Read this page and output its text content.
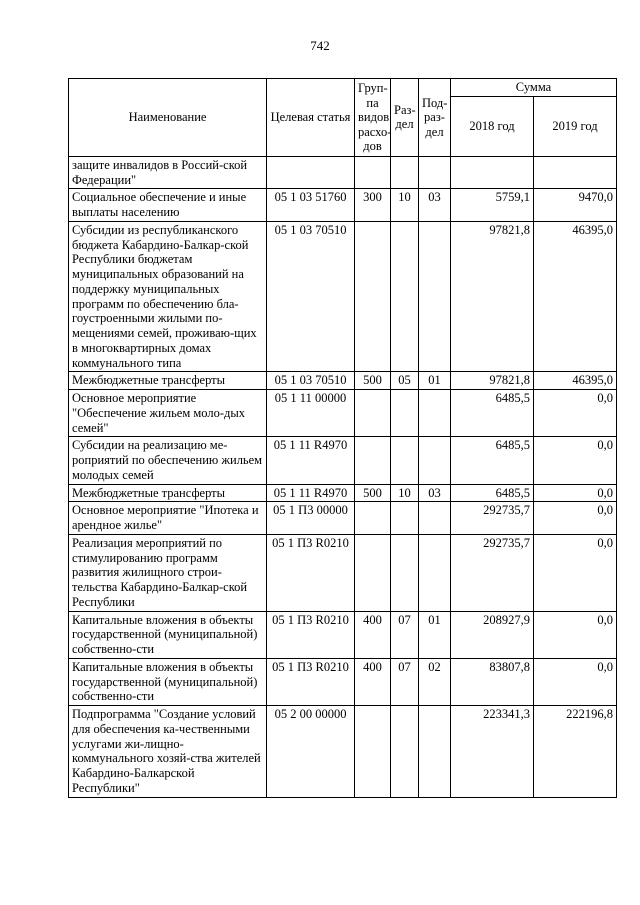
742
Наименование	Целевая статья	Груп-па видов расхо-дов	Раз-дел	Под-раз-дел	Сумма	
					2018 год	2019 год
защите инвалидов в Россий-ской Федерации"						
Социальное обеспечение и иные выплаты населению	05 1 03 51760	300	10	03	5759,1	9470,0
Субсидии из республиканского бюджета Кабардино-Балкар-ской Республики бюджетам муниципальных образований на поддержку муниципальных программ по обеспечению бла-гоустроенными жилыми по-мещениями семей, проживаю-щих в многоквартирных домах коммунального типа	05 1 03 70510				97821,8	46395,0
Межбюджетные трансферты	05 1 03 70510	500	05	01	97821,8	46395,0
Основное мероприятие "Обеспечение жильем моло-дых семей"	05 1 11 00000				6485,5	0,0
Субсидии на реализацию ме-роприятий по обеспечению жильем молодых семей	05 1 11 R4970				6485,5	0,0
Межбюджетные трансферты	05 1 11 R4970	500	10	03	6485,5	0,0
Основное мероприятие "Ипотека и арендное жилье"	05 1 П3 00000				292735,7	0,0
Реализация мероприятий по стимулированию программ развития жилищного строи-тельства Кабардино-Балкар-ской Республики	05 1 П3 R0210				292735,7	0,0
Капитальные вложения в объекты государственной (муниципальной) собственно-сти	05 1 П3 R0210	400	07	01	208927,9	0,0
Капитальные вложения в объекты государственной (муниципальной) собственно-сти	05 1 П3 R0210	400	07	02	83807,8	0,0
Подпрограмма "Создание условий для обеспечения ка-чественными услугами жи-лищно-коммунального хозяй-ства жителей Кабардино-Балкарской Республики"	05 2 00 00000				223341,3	222196,8
